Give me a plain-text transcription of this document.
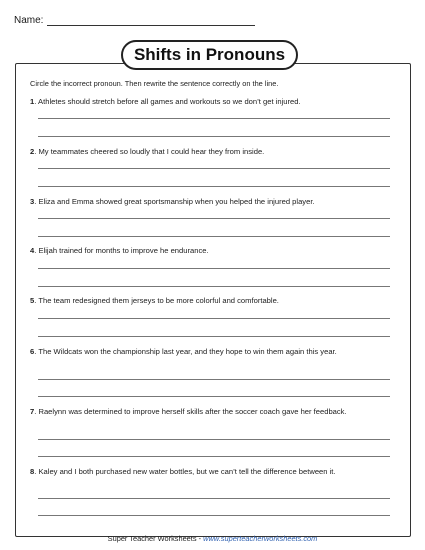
Name:
Shifts in Pronouns
Circle the incorrect pronoun. Then rewrite the sentence correctly on the line.
1. Athletes should stretch before all games and workouts so we don’t get injured.
2. My teammates cheered so loudly that I could hear they from inside.
3. Eliza and Emma showed great sportsmanship when you helped the injured player.
4. Elijah trained for months to improve he endurance.
5. The team redesigned them jerseys to be more colorful and comfortable.
6. The Wildcats won the championship last year, and they hope to win them again this year.
7. Raelynn was determined to improve herself skills after the soccer coach gave her feedback.
8. Kaley and I both purchased new water bottles, but we can’t tell the difference between it.
Super Teacher Worksheets - www.superteacherworksheets.com
